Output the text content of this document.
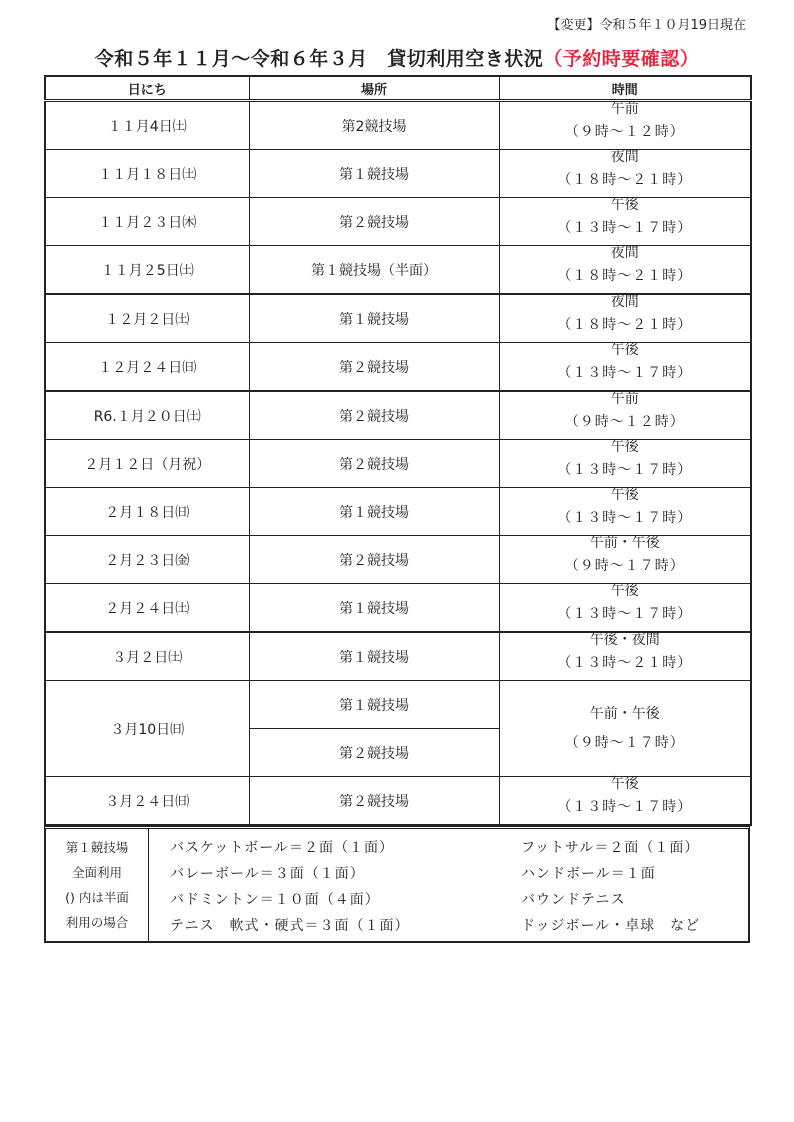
【変更】令和５年１０月19日現在
令和５年１１月～令和６年３月　貸切利用空き状況（予約時要確認）
日にち	場所	時間
１１月4日㈯	第2競技場	午前
（９時～１２時）

１１月１８日㈯	第１競技場	夜間
（１８時～２１時）

１１月２３日㈭	第２競技場	午後
（１３時～１７時）

１１月２5日㈯	第１競技場（半面）	夜間
（１８時～２１時）

１２月２日㈯	第１競技場	夜間
（１８時～２１時）

１２月２４日㈰	第２競技場	午後
（１３時～１７時）

R6.１月２０日㈯	第２競技場	午前
（９時～１２時）

２月１２日（月祝）	第２競技場	午後
（１３時～１７時）

２月１８日㈰	第１競技場	午後
（１３時～１７時）

２月２３日㈮	第２競技場	午前・午後
（９時～１７時）

２月２４日㈯	第１競技場	午後
（１３時～１７時）

３月２日㈯	第１競技場	午後・夜間
（１３時～２１時）

３月10日㈰	第１競技場	午前・午後
（９時～１７時）

	第２競技場	
３月２４日㈰	第２競技場	午後
（１３時～１７時）
第１競技場
全面利用
() 内は半面
利用の場合
バスケットボール＝２面（１面）
バレーボール＝３面（１面）
バドミントン＝１０面（４面）
テニス　軟式・硬式＝３面（１面）
フットサル＝２面（１面）
ハンドボール＝１面
バウンドテニス
ドッジボール・卓球　など
